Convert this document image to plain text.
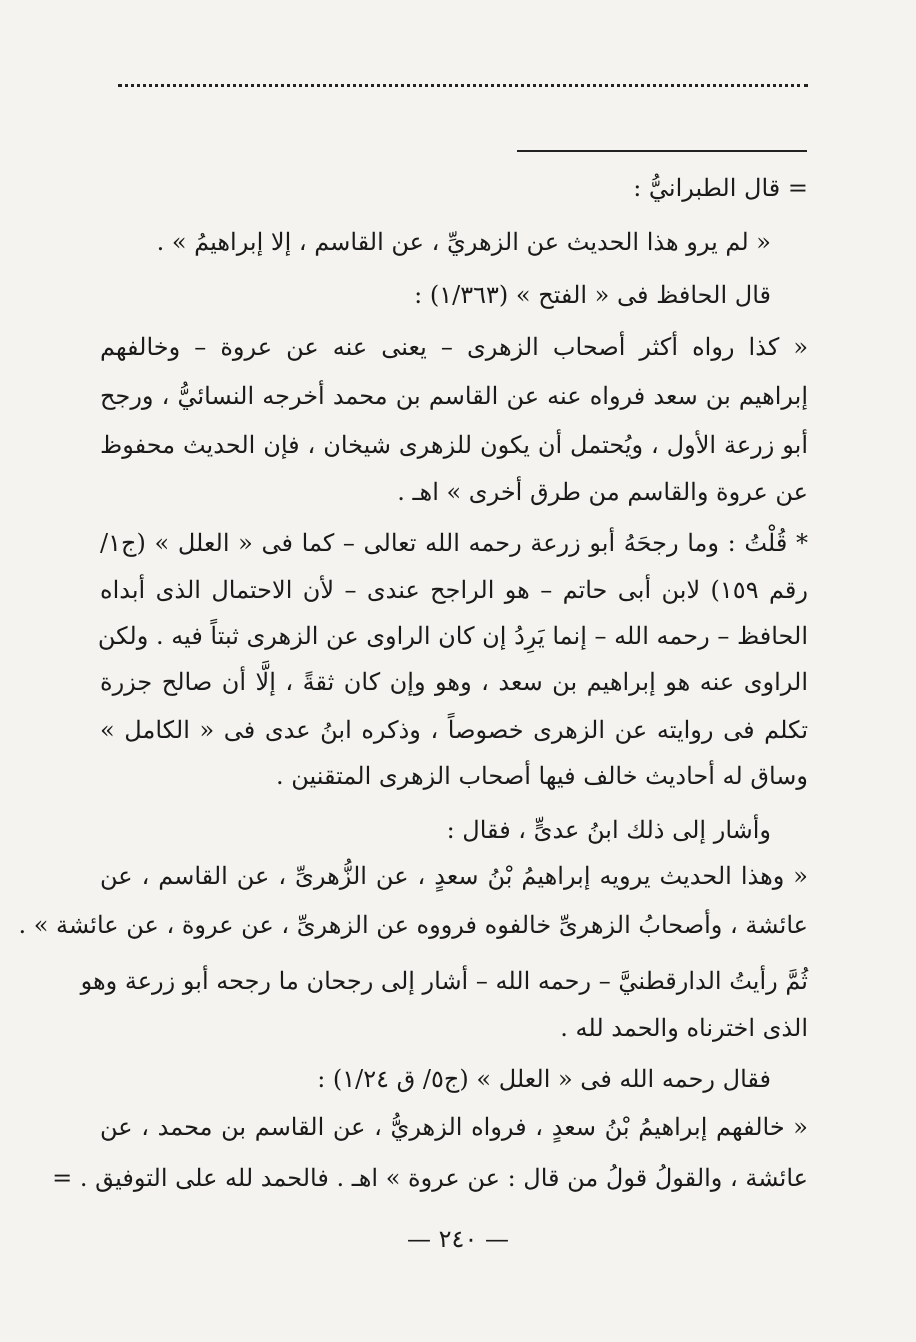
= قال الطبرانيُّ :
« لم يرو هذا الحديث عن الزهريِّ ، عن القاسم ، إلا إبراهيمُ » .
قال الحافظ فى « الفتح » (١/٣٦٣) :
« كذا رواه أكثر أصحاب الزهرى – يعنى عنه عن عروة – وخالفهم
إبراهيم بن سعد فرواه عنه عن القاسم بن محمد أخرجه النسائيُّ ، ورجح
أبو زرعة الأول ، ويُحتمل أن يكون للزهرى شيخان ، فإن الحديث محفوظ
عن عروة والقاسم من طرق أخرى » اهـ .
* قُلْتُ : وما رجحَهُ أبو زرعة رحمه الله تعالى – كما فى « العلل » (ج١/
رقم ١٥٩) لابن أبى حاتم – هو الراجح عندى – لأن الاحتمال الذى أبداه
الحافظ – رحمه الله – إنما يَرِدُ إن كان الراوى عن الزهرى ثبتاً فيه . ولكن
الراوى عنه هو إبراهيم بن سعد ، وهو وإن كان ثقةً ، إلَّا أن صالح جزرة
تكلم فى روايته عن الزهرى خصوصاً ، وذكره ابنُ عدى فى « الكامل »
وساق له أحاديث خالف فيها أصحاب الزهرى المتقنين .
وأشار إلى ذلك ابنُ عدىٍّ ، فقال :
« وهذا الحديث يرويه إبراهيمُ بْنُ سعدٍ ، عن الزُّهرىِّ ، عن القاسم ، عن
عائشة ، وأصحابُ الزهرىِّ خالفوه فرووه عن الزهرىِّ ، عن عروة ، عن عائشة » .
ثُمَّ رأيتُ الدارقطنيَّ – رحمه الله – أشار إلى رجحان ما رجحه أبو زرعة وهو
الذى اخترناه والحمد لله .
فقال رحمه الله فى « العلل » (ج٥/ ق ١/٢٤) :
« خالفهم إبراهيمُ بْنُ سعدٍ ، فرواه الزهريُّ ، عن القاسم بن محمد ، عن
عائشة ، والقولُ قولُ من قال : عن عروة » اهـ . فالحمد لله على التوفيق . =
— ٢٤٠ —
